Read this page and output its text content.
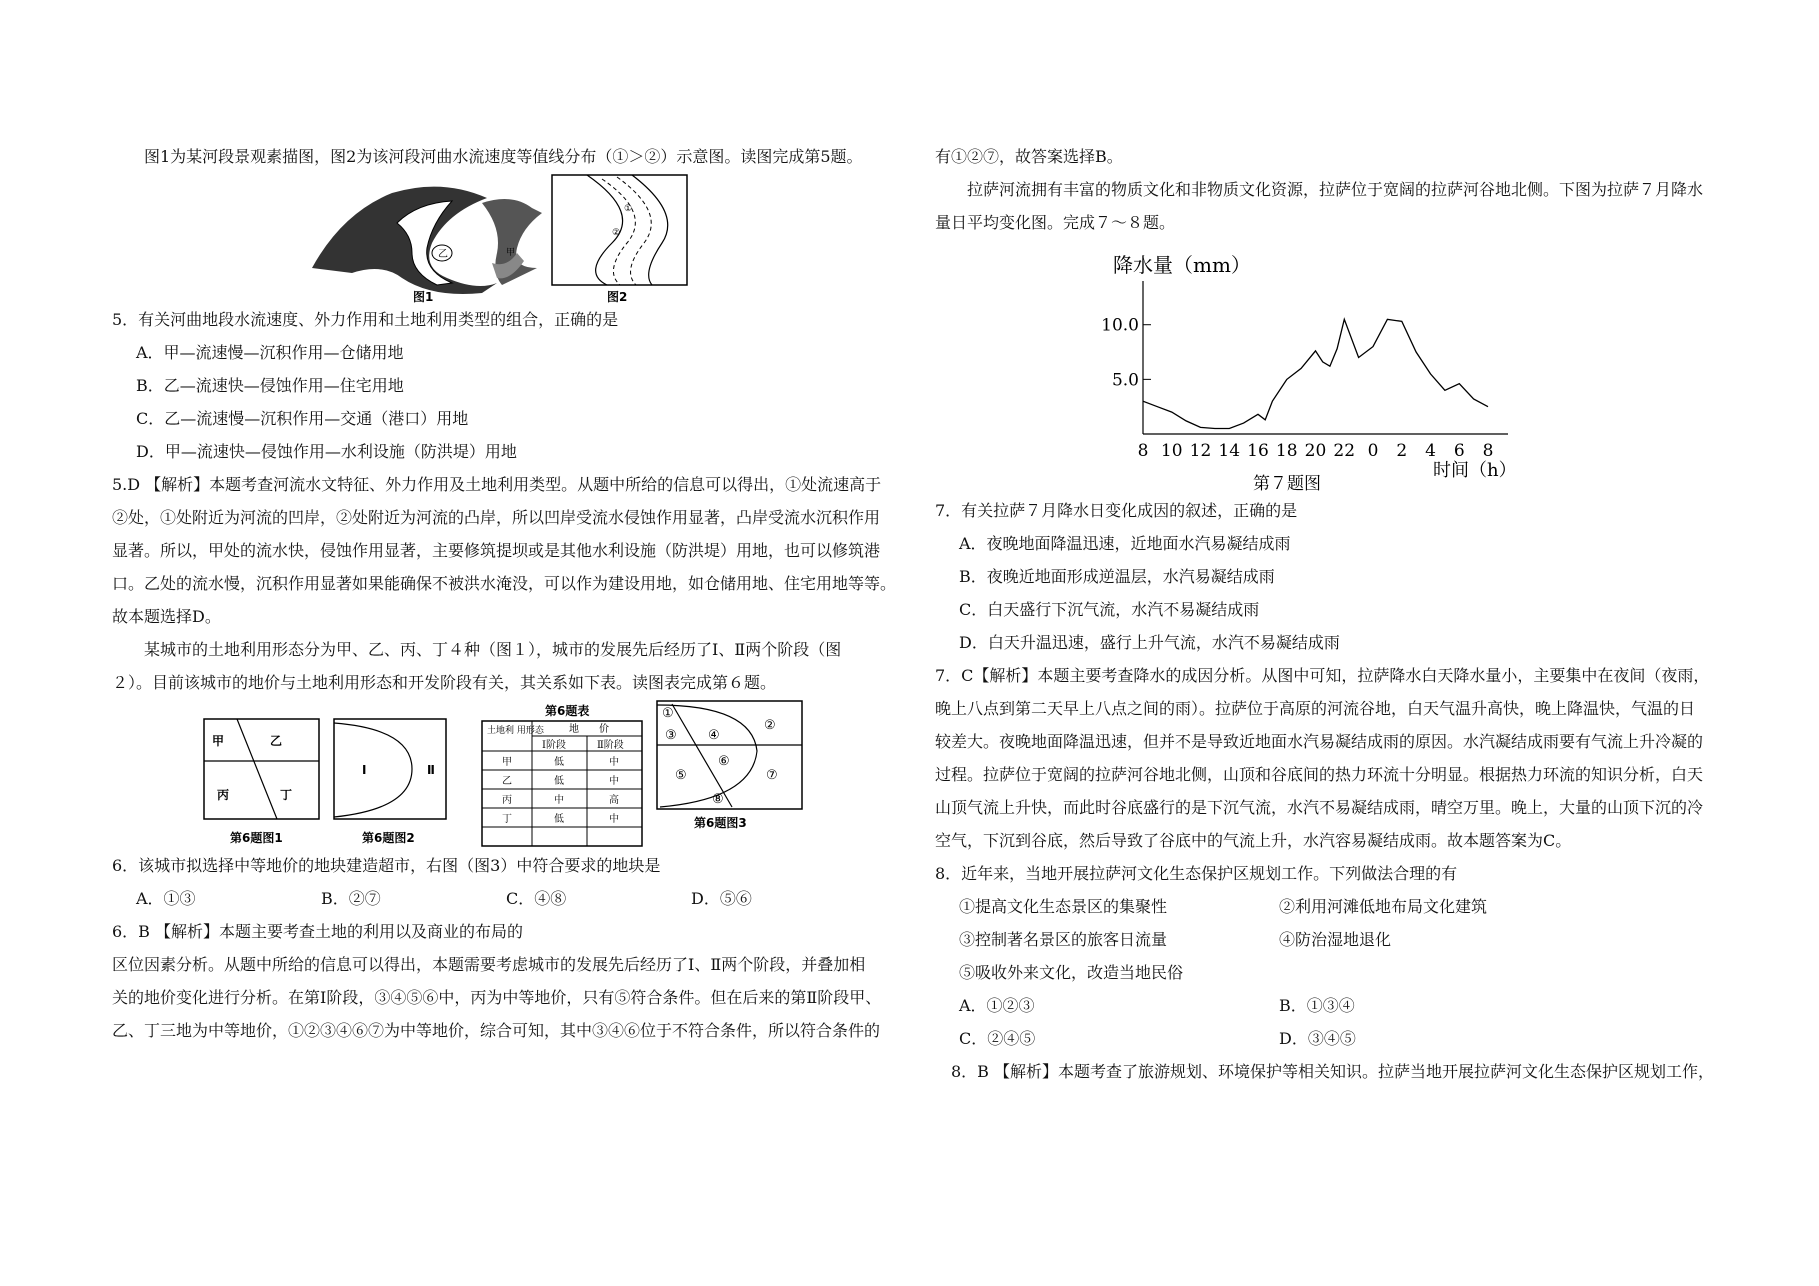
图1为某河段景观素描图，图2为该河段河曲水流速度等值线分布（①＞②）示意图。读图完成第5题。

乙	甲
图1
①
②
图2

5．有关河曲地段水流速度、外力作用和土地利用类型的组合，正确的是

A．甲—流速慢—沉积作用—仓储用地

B．乙—流速快—侵蚀作用—住宅用地

C．乙—流速慢—沉积作用—交通（港口）用地

D．甲—流速快—侵蚀作用—水利设施（防洪堤）用地

5.D 【解析】本题考查河流水文特征、外力作用及土地利用类型。从题中所给的信息可以得出，①处流速高于

②处，①处附近为河流的凹岸，②处附近为河流的凸岸，所以凹岸受流水侵蚀作用显著，凸岸受流水沉积作用

显著。所以，甲处的流水快，侵蚀作用显著，主要修筑提坝或是其他水利设施（防洪堤）用地，也可以修筑港

口。乙处的流水慢，沉积作用显著如果能确保不被洪水淹没，可以作为建设用地，如仓储用地、住宅用地等等。

故本题选择D。

某城市的土地利用形态分为甲、乙、丙、丁４种（图１），城市的发展先后经历了Ⅰ、Ⅱ两个阶段（图

２）。目前该城市的地价与土地利用形态和开发阶段有关，其关系如下表。读图表完成第６题。

甲	乙
丙	丁
第6题图1
Ⅰ	Ⅱ
第6题图2
第6题表
土地利 用形态	地　　价
Ⅰ阶段	Ⅱ阶段
甲	低	中
乙	低	中
丙	中	高
丁	低	中
①
②
③ ④
⑤
⑥
⑦
⑧
第6题图3

6．该城市拟选择中等地价的地块建造超市，右图（图3）中符合要求的地块是

A．①③	B．②⑦	C．④⑧	D．⑤⑥

6．B 【解析】本题主要考查土地的利用以及商业的布局的

区位因素分析。从题中所给的信息可以得出，本题需要考虑城市的发展先后经历了Ⅰ、Ⅱ两个阶段，并叠加相

关的地价变化进行分析。在第Ⅰ阶段，③④⑤⑥中，丙为中等地价，只有⑤符合条件。但在后来的第Ⅱ阶段甲、

乙、丁三地为中等地价，①②③④⑥⑦为中等地价，综合可知，其中③④⑥位于不符合条件，所以符合条件的

有①②⑦，故答案选择B。

拉萨河流拥有丰富的物质文化和非物质文化资源，拉萨位于宽阔的拉萨河谷地北侧。下图为拉萨７月降水

量日平均变化图。完成７～８题。

降水量（mm）
5.0
10.0
8 10 12 14 16 18 20 22 0 2 4 6 8
时间（h）
第７题图

7．有关拉萨７月降水日变化成因的叙述，正确的是

A．夜晚地面降温迅速，近地面水汽易凝结成雨

B．夜晚近地面形成逆温层，水汽易凝结成雨

C．白天盛行下沉气流，水汽不易凝结成雨

D．白天升温迅速，盛行上升气流，水汽不易凝结成雨

7．C【解析】本题主要考查降水的成因分析。从图中可知，拉萨降水白天降水量小，主要集中在夜间（夜雨，

晚上八点到第二天早上八点之间的雨）。拉萨位于高原的河流谷地，白天气温升高快，晚上降温快，气温的日

较差大。夜晚地面降温迅速，但并不是导致近地面水汽易凝结成雨的原因。水汽凝结成雨要有气流上升冷凝的

过程。拉萨位于宽阔的拉萨河谷地北侧，山顶和谷底间的热力环流十分明显。根据热力环流的知识分析，白天

山顶气流上升快，而此时谷底盛行的是下沉气流，水汽不易凝结成雨，晴空万里。晚上，大量的山顶下沉的冷

空气，下沉到谷底，然后导致了谷底中的气流上升，水汽容易凝结成雨。故本题答案为C。

8．近年来，当地开展拉萨河文化生态保护区规划工作。下列做法合理的有

①提高文化生态景区的集聚性	②利用河滩低地布局文化建筑
③控制著名景区的旅客日流量	④防治湿地退化

⑤吸收外来文化，改造当地民俗

A．①②③	B．①③④
C．②④⑤	D．③④⑤

8．B 【解析】本题考查了旅游规划、环境保护等相关知识。拉萨当地开展拉萨河文化生态保护区规划工作，
